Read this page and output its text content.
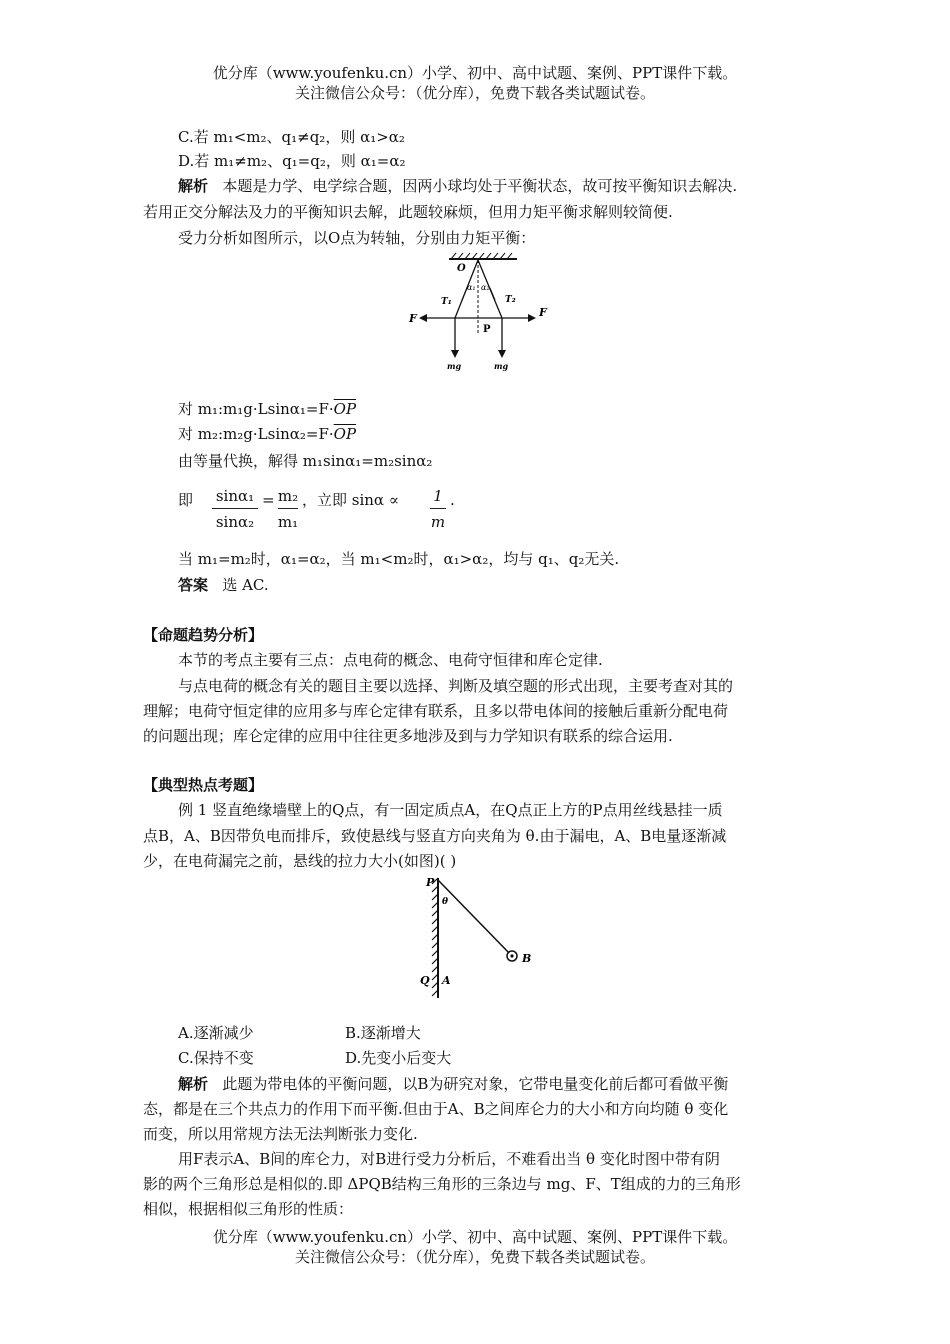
优分库（www.youfenku.cn）小学、初中、高中试题、案例、PPT课件下载。
关注微信公众号：（优分库），免费下载各类试题试卷。
C.若 m₁<m₂、q₁≠q₂，则 α₁>α₂
D.若 m₁≠m₂、q₁=q₂，则 α₁=α₂
解析 本题是力学、电学综合题，因两小球均处于平衡状态，故可按平衡知识去解决.
若用正交分解法及力的平衡知识去解，此题较麻烦，但用力矩平衡求解则较简便.
受力分析如图所示，以O点为转轴，分别由力矩平衡：
O
T₁	T₂
α₁ α₂
F	F
P
mg	mg
对 $m_1:m_1g\cdot Lsin\alpha_1=F\cdot\overline{OP}$
对 $m_2:m_2g\cdot Lsin\alpha_2=F\cdot\overline{OP}$
由等量代换，解得 m₁sinα₁=m₂sinα₂
即	sinα₁
sinα₂
= m₂
m₁
，立即 sinα ∝	1
m
.
当 m₁=m₂时，α₁=α₂，当 m₁<m₂时，α₁>α₂，均与 q₁、q₂无关.
答案 选 AC.
【命题趋势分析】
本节的考点主要有三点：点电荷的概念、电荷守恒律和库仑定律.
与点电荷的概念有关的题目主要以选择、判断及填空题的形式出现，主要考查对其的
理解；电荷守恒定律的应用多与库仑定律有联系，且多以带电体间的接触后重新分配电荷
的问题出现；库仑定律的应用中往往更多地涉及到与力学知识有联系的综合运用.
【典型热点考题】
例 1 竖直绝缘墙壁上的Q点，有一固定质点A，在Q点正上方的P点用丝线悬挂一质
点B，A、B因带负电而排斥，致使悬线与竖直方向夹角为 θ.由于漏电，A、B电量逐渐减
少，在电荷漏完之前，悬线的拉力大小(如图)( )
P
θ
B
Q A
A.逐渐减少	B.逐渐增大
C.保持不变	D.先变小后变大
解析 此题为带电体的平衡问题，以B为研究对象，它带电量变化前后都可看做平衡
态，都是在三个共点力的作用下而平衡.但由于A、B之间库仑力的大小和方向均随 θ 变化
而变，所以用常规方法无法判断张力变化.
用F表示A、B间的库仑力，对B进行受力分析后，不难看出当 θ 变化时图中带有阴
影的两个三角形总是相似的.即 ΔPQB结构三角形的三条边与 mg、F、T组成的力的三角形
相似，根据相似三角形的性质：
优分库（www.youfenku.cn）小学、初中、高中试题、案例、PPT课件下载。
关注微信公众号：（优分库），免费下载各类试题试卷。
